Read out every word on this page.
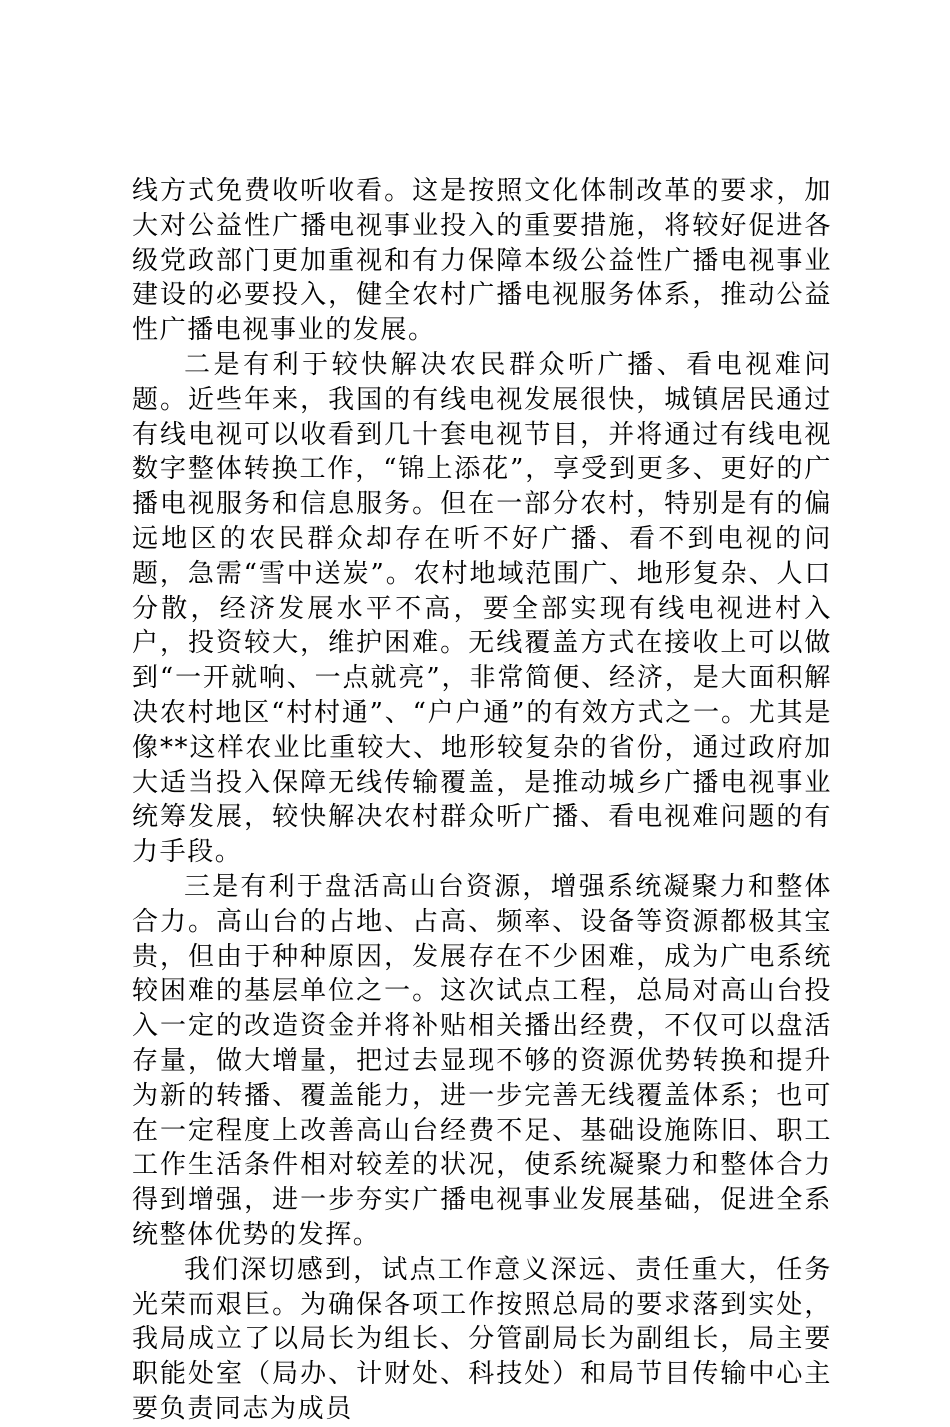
线方式免费收听收看。这是按照文化体制改革的要求，加大对公益性广播电视事业投入的重要措施，将较好促进各级党政部门更加重视和有力保障本级公益性广播电视事业建设的必要投入，健全农村广播电视服务体系，推动公益性广播电视事业的发展。

二是有利于较快解决农民群众听广播、看电视难问题。近些年来，我国的有线电视发展很快，城镇居民通过有线电视可以收看到几十套电视节目，并将通过有线电视数字整体转换工作，“锦上添花”，享受到更多、更好的广播电视服务和信息服务。但在一部分农村，特别是有的偏远地区的农民群众却存在听不好广播、看不到电视的问题，急需“雪中送炭”。农村地域范围广、地形复杂、人口分散，经济发展水平不高，要全部实现有线电视进村入户，投资较大，维护困难。无线覆盖方式在接收上可以做到“一开就响、一点就亮”，非常简便、经济，是大面积解决农村地区“村村通”、“户户通”的有效方式之一。尤其是像**这样农业比重较大、地形较复杂的省份，通过政府加大适当投入保障无线传输覆盖，是推动城乡广播电视事业统筹发展，较快解决农村群众听广播、看电视难问题的有力手段。

三是有利于盘活高山台资源，增强系统凝聚力和整体合力。高山台的占地、占高、频率、设备等资源都极其宝贵，但由于种种原因，发展存在不少困难，成为广电系统较困难的基层单位之一。这次试点工程，总局对高山台投入一定的改造资金并将补贴相关播出经费，不仅可以盘活存量，做大增量，把过去显现不够的资源优势转换和提升为新的转播、覆盖能力，进一步完善无线覆盖体系；也可在一定程度上改善高山台经费不足、基础设施陈旧、职工工作生活条件相对较差的状况，使系统凝聚力和整体合力得到增强，进一步夯实广播电视事业发展基础，促进全系统整体优势的发挥。

我们深切感到，试点工作意义深远、责任重大，任务光荣而艰巨。为确保各项工作按照总局的要求落到实处，我局成立了以局长为组长、分管副局长为副组长，局主要职能处室（局办、计财处、科技处）和局节目传输中心主要负责同志为成员
